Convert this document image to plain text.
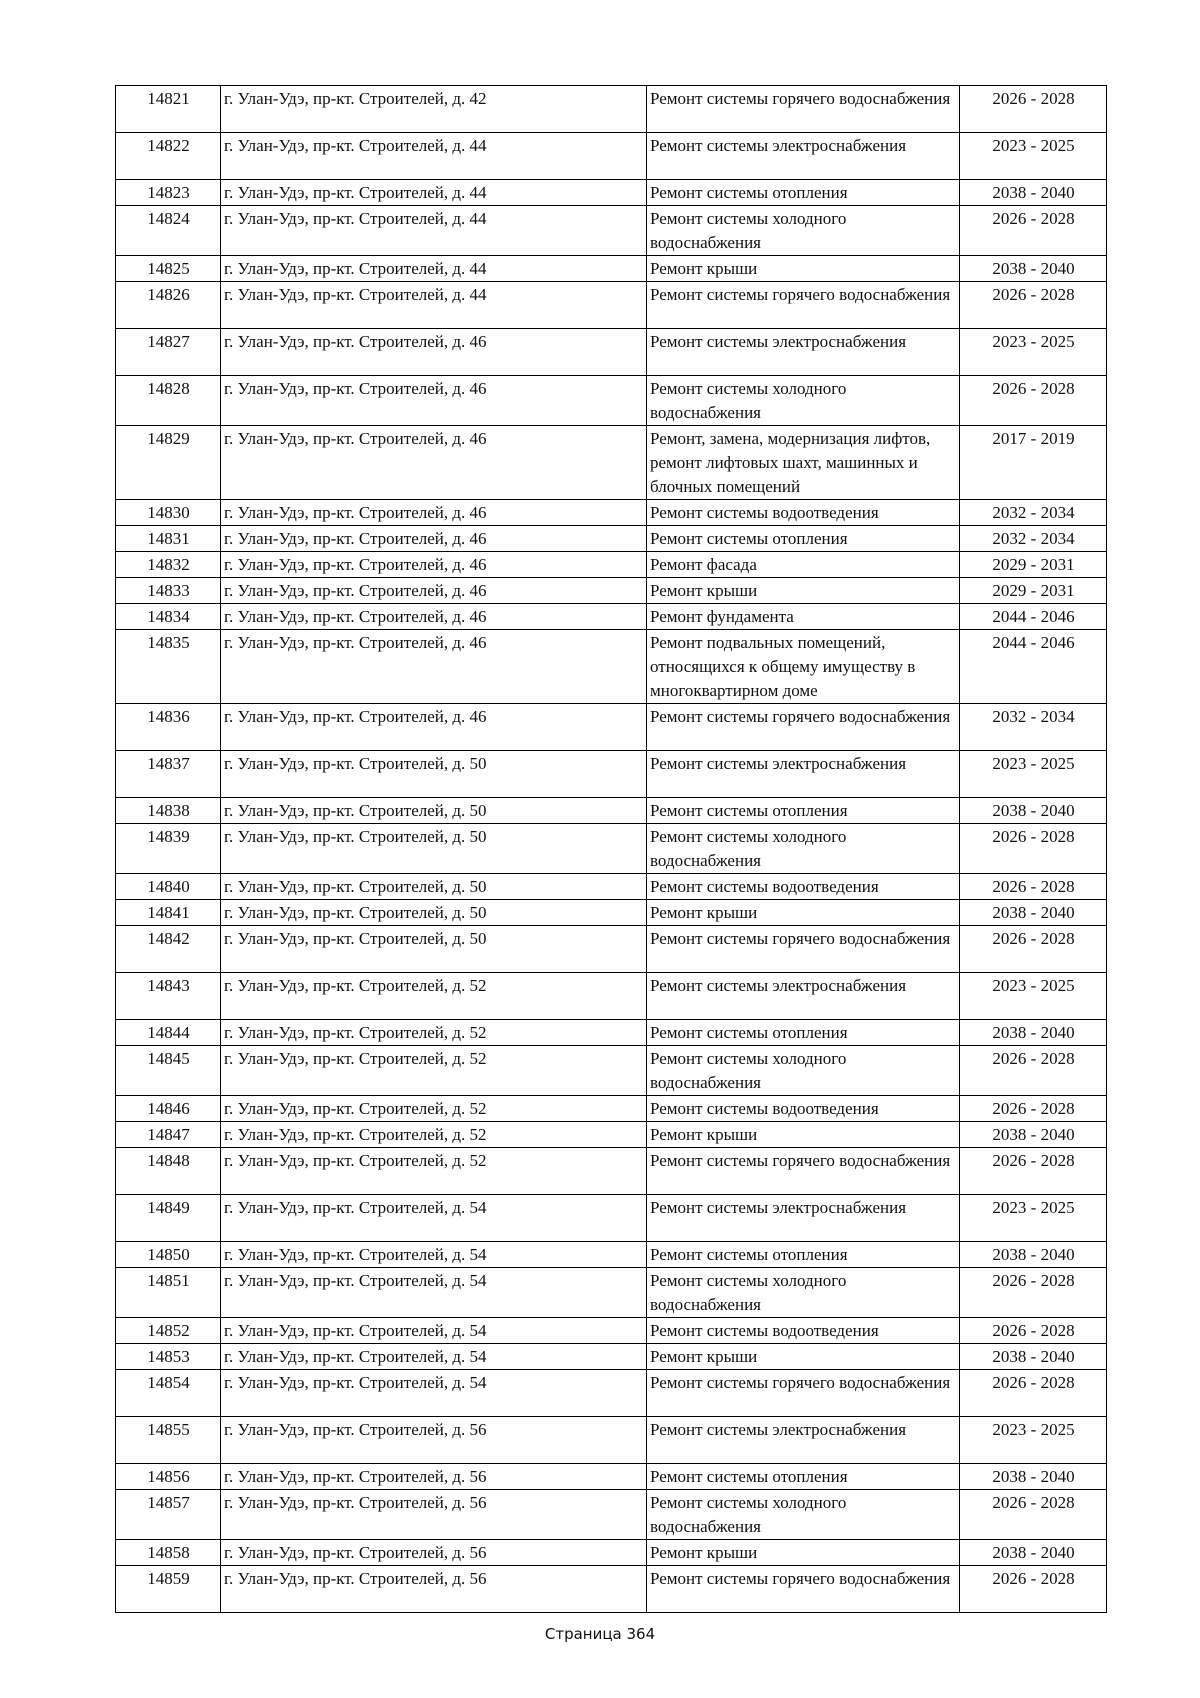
14821	г. Улан-Удэ, пр-кт. Строителей, д. 42	Ремонт системы горячего водоснабжения	2026 - 2028
14822	г. Улан-Удэ, пр-кт. Строителей, д. 44	Ремонт системы электроснабжения	2023 - 2025
14823	г. Улан-Удэ, пр-кт. Строителей, д. 44	Ремонт системы отопления	2038 - 2040
14824	г. Улан-Удэ, пр-кт. Строителей, д. 44	Ремонт системы холодного водоснабжения	2026 - 2028
14825	г. Улан-Удэ, пр-кт. Строителей, д. 44	Ремонт крыши	2038 - 2040
14826	г. Улан-Удэ, пр-кт. Строителей, д. 44	Ремонт системы горячего водоснабжения	2026 - 2028
14827	г. Улан-Удэ, пр-кт. Строителей, д. 46	Ремонт системы электроснабжения	2023 - 2025
14828	г. Улан-Удэ, пр-кт. Строителей, д. 46	Ремонт системы холодного водоснабжения	2026 - 2028
14829	г. Улан-Удэ, пр-кт. Строителей, д. 46	Ремонт, замена, модернизация лифтов, ремонт лифтовых шахт, машинных и блочных помещений	2017 - 2019
14830	г. Улан-Удэ, пр-кт. Строителей, д. 46	Ремонт системы водоотведения	2032 - 2034
14831	г. Улан-Удэ, пр-кт. Строителей, д. 46	Ремонт системы отопления	2032 - 2034
14832	г. Улан-Удэ, пр-кт. Строителей, д. 46	Ремонт фасада	2029 - 2031
14833	г. Улан-Удэ, пр-кт. Строителей, д. 46	Ремонт крыши	2029 - 2031
14834	г. Улан-Удэ, пр-кт. Строителей, д. 46	Ремонт фундамента	2044 - 2046
14835	г. Улан-Удэ, пр-кт. Строителей, д. 46	Ремонт подвальных помещений, относящихся к общему имуществу в многоквартирном доме	2044 - 2046
14836	г. Улан-Удэ, пр-кт. Строителей, д. 46	Ремонт системы горячего водоснабжения	2032 - 2034
14837	г. Улан-Удэ, пр-кт. Строителей, д. 50	Ремонт системы электроснабжения	2023 - 2025
14838	г. Улан-Удэ, пр-кт. Строителей, д. 50	Ремонт системы отопления	2038 - 2040
14839	г. Улан-Удэ, пр-кт. Строителей, д. 50	Ремонт системы холодного водоснабжения	2026 - 2028
14840	г. Улан-Удэ, пр-кт. Строителей, д. 50	Ремонт системы водоотведения	2026 - 2028
14841	г. Улан-Удэ, пр-кт. Строителей, д. 50	Ремонт крыши	2038 - 2040
14842	г. Улан-Удэ, пр-кт. Строителей, д. 50	Ремонт системы горячего водоснабжения	2026 - 2028
14843	г. Улан-Удэ, пр-кт. Строителей, д. 52	Ремонт системы электроснабжения	2023 - 2025
14844	г. Улан-Удэ, пр-кт. Строителей, д. 52	Ремонт системы отопления	2038 - 2040
14845	г. Улан-Удэ, пр-кт. Строителей, д. 52	Ремонт системы холодного водоснабжения	2026 - 2028
14846	г. Улан-Удэ, пр-кт. Строителей, д. 52	Ремонт системы водоотведения	2026 - 2028
14847	г. Улан-Удэ, пр-кт. Строителей, д. 52	Ремонт крыши	2038 - 2040
14848	г. Улан-Удэ, пр-кт. Строителей, д. 52	Ремонт системы горячего водоснабжения	2026 - 2028
14849	г. Улан-Удэ, пр-кт. Строителей, д. 54	Ремонт системы электроснабжения	2023 - 2025
14850	г. Улан-Удэ, пр-кт. Строителей, д. 54	Ремонт системы отопления	2038 - 2040
14851	г. Улан-Удэ, пр-кт. Строителей, д. 54	Ремонт системы холодного водоснабжения	2026 - 2028
14852	г. Улан-Удэ, пр-кт. Строителей, д. 54	Ремонт системы водоотведения	2026 - 2028
14853	г. Улан-Удэ, пр-кт. Строителей, д. 54	Ремонт крыши	2038 - 2040
14854	г. Улан-Удэ, пр-кт. Строителей, д. 54	Ремонт системы горячего водоснабжения	2026 - 2028
14855	г. Улан-Удэ, пр-кт. Строителей, д. 56	Ремонт системы электроснабжения	2023 - 2025
14856	г. Улан-Удэ, пр-кт. Строителей, д. 56	Ремонт системы отопления	2038 - 2040
14857	г. Улан-Удэ, пр-кт. Строителей, д. 56	Ремонт системы холодного водоснабжения	2026 - 2028
14858	г. Улан-Удэ, пр-кт. Строителей, д. 56	Ремонт крыши	2038 - 2040
14859	г. Улан-Удэ, пр-кт. Строителей, д. 56	Ремонт системы горячего водоснабжения	2026 - 2028
Страница 364
